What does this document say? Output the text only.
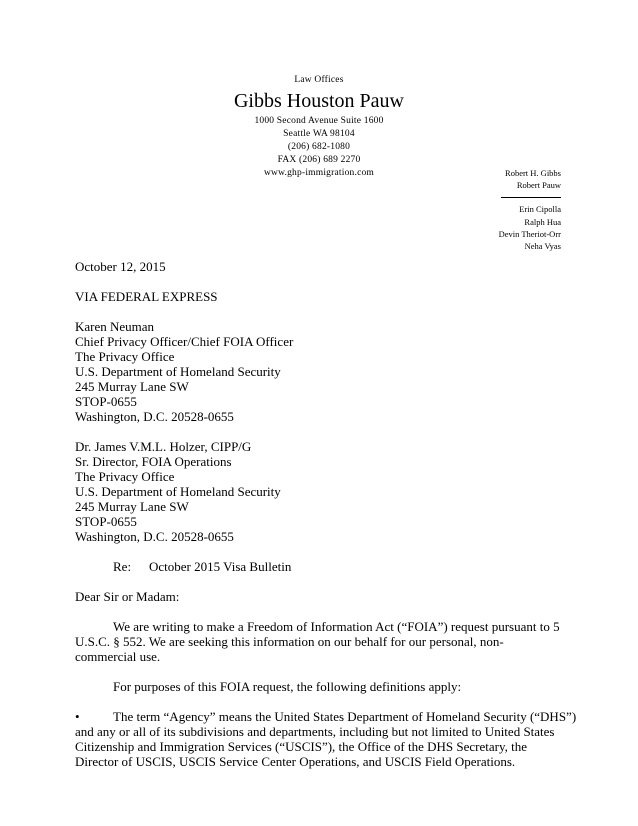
Law Offices
Gibbs Houston Pauw
1000 Second Avenue Suite 1600
Seattle WA 98104
(206) 682-1080
FAX (206) 689 2270
www.ghp-immigration.com	Robert H. Gibbs
Robert Pauw
Erin Cipolla
Ralph Hua
Devin Theriot-Orr
Neha Vyas
October 12, 2015
VIA FEDERAL EXPRESS
Karen Neuman
Chief Privacy Officer/Chief FOIA Officer
The Privacy Office
U.S. Department of Homeland Security
245 Murray Lane SW
STOP-0655
Washington, D.C. 20528-0655
Dr. James V.M.L. Holzer, CIPP/G
Sr. Director, FOIA Operations
The Privacy Office
U.S. Department of Homeland Security
245 Murray Lane SW
STOP-0655
Washington, D.C. 20528-0655
Re: October 2015 Visa Bulletin
Dear Sir or Madam:
We are writing to make a Freedom of Information Act (“FOIA”) request pursuant to 5 U.S.C. § 552. We are seeking this information on our behalf for our personal, non-commercial use.
For purposes of this FOIA request, the following definitions apply:
•	The term “Agency” means the United States Department of Homeland Security (“DHS”)
and any or all of its subdivisions and departments, including but not limited to United States Citizenship and Immigration Services (“USCIS”), the Office of the DHS Secretary, the Director of USCIS, USCIS Service Center Operations, and USCIS Field Operations.
